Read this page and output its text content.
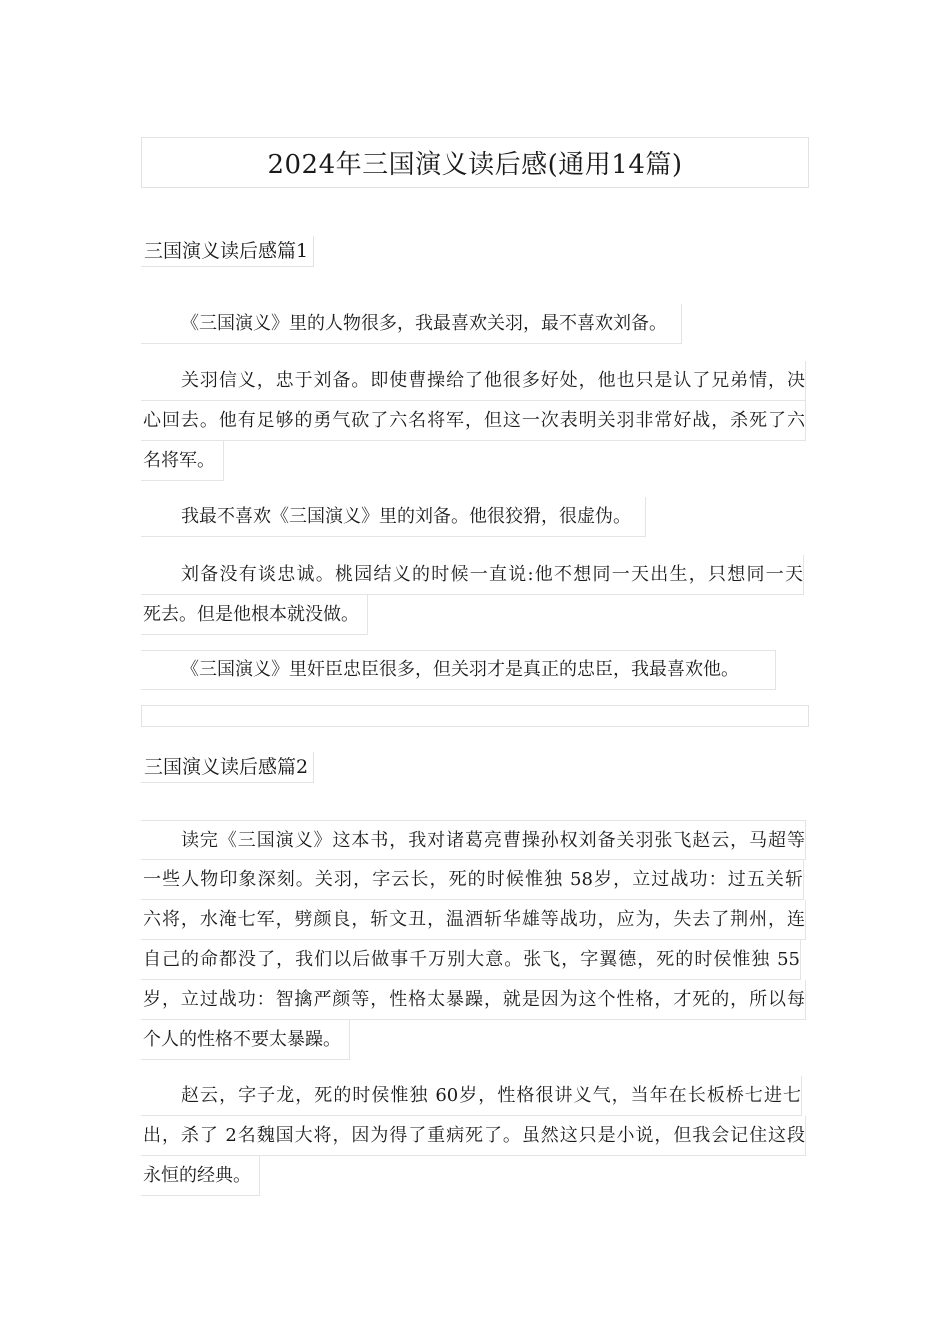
2024年三国演义读后感(通用14篇)
三国演义读后感篇1
《三国演义》里的人物很多，我最喜欢关羽，最不喜欢刘备。
关羽信义，忠于刘备。即使曹操给了他很多好处，他也只是认了兄弟情，决
心回去。他有足够的勇气砍了六名将军，但这一次表明关羽非常好战，杀死了六
名将军。
我最不喜欢《三国演义》里的刘备。他很狡猾，很虚伪。
刘备没有谈忠诚。桃园结义的时候一直说:他不想同一天出生，只想同一天
死去。但是他根本就没做。
《三国演义》里奸臣忠臣很多，但关羽才是真正的忠臣，我最喜欢他。
三国演义读后感篇2
读完《三国演义》这本书，我对诸葛亮曹操孙权刘备关羽张飞赵云，马超等
一些人物印象深刻。关羽，字云长，死的时候惟独 58岁，立过战功：过五关斩
六将，水淹七军，劈颜良，斩文丑，温酒斩华雄等战功，应为，失去了荆州，连
自己的命都没了，我们以后做事千万别大意。张飞，字翼德，死的时侯惟独 55
岁，立过战功：智擒严颜等，性格太暴躁，就是因为这个性格，才死的，所以每
个人的性格不要太暴躁。
赵云，字子龙，死的时侯惟独 60岁，性格很讲义气，当年在长板桥七进七
出，杀了 2名魏国大将，因为得了重病死了。虽然这只是小说，但我会记住这段
永恒的经典。
